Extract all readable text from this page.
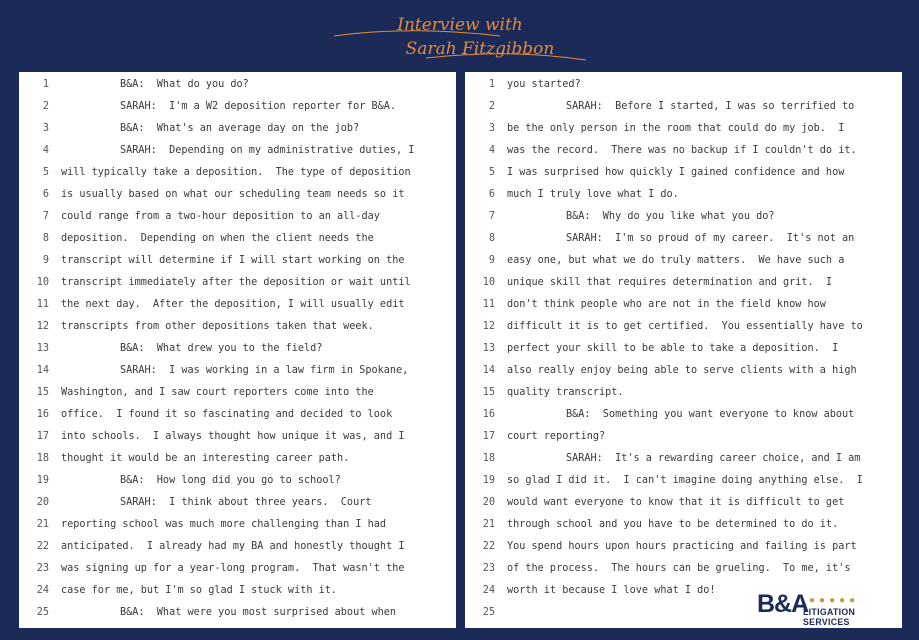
Interview with
Sarah Fitzgibbon
1	B&A:  What do you do?
2	SARAH:  I'm a W2 deposition reporter for B&A.
3	B&A:  What's an average day on the job?
4	SARAH:  Depending on my administrative duties, I
5 will typically take a deposition.  The type of deposition
6 is usually based on what our scheduling team needs so it
7 could range from a two-hour deposition to an all-day
8 deposition.  Depending on when the client needs the
9 transcript will determine if I will start working on the
10 transcript immediately after the deposition or wait until
11 the next day.  After the deposition, I will usually edit
12 transcripts from other depositions taken that week.
13	B&A:  What drew you to the field?
14	SARAH:  I was working in a law firm in Spokane,
15 Washington, and I saw court reporters come into the
16 office.  I found it so fascinating and decided to look
17 into schools.  I always thought how unique it was, and I
18 thought it would be an interesting career path.
19	B&A:  How long did you go to school?
20	SARAH:  I think about three years.  Court
21 reporting school was much more challenging than I had
22 anticipated.  I already had my BA and honestly thought I
23 was signing up for a year-long program.  That wasn't the
24 case for me, but I'm so glad I stuck with it.
25	B&A:  What were you most surprised about when
1 you started?
2	SARAH:  Before I started, I was so terrified to
3 be the only person in the room that could do my job.  I
4 was the record.  There was no backup if I couldn't do it.
5 I was surprised how quickly I gained confidence and how
6 much I truly love what I do.
7	B&A:  Why do you like what you do?
8	SARAH:  I'm so proud of my career.  It's not an
9 easy one, but what we do truly matters.  We have such a
10 unique skill that requires determination and grit.  I
11 don't think people who are not in the field know how
12 difficult it is to get certified.  You essentially have to
13 perfect your skill to be able to take a deposition.  I
14 also really enjoy being able to serve clients with a high
15 quality transcript.
16	B&A:  Something you want everyone to know about
17 court reporting?
18	SARAH:  It's a rewarding career choice, and I am
19 so glad I did it.  I can't imagine doing anything else.  I
20 would want everyone to know that it is difficult to get
21 through school and you have to be determined to do it.
22 You spend hours upon hours practicing and failing is part
23 of the process.  The hours can be grueling.  To me, it's
24 worth it because I love what I do!
25	B&A ●●●●●
LITIGATION SERVICES
